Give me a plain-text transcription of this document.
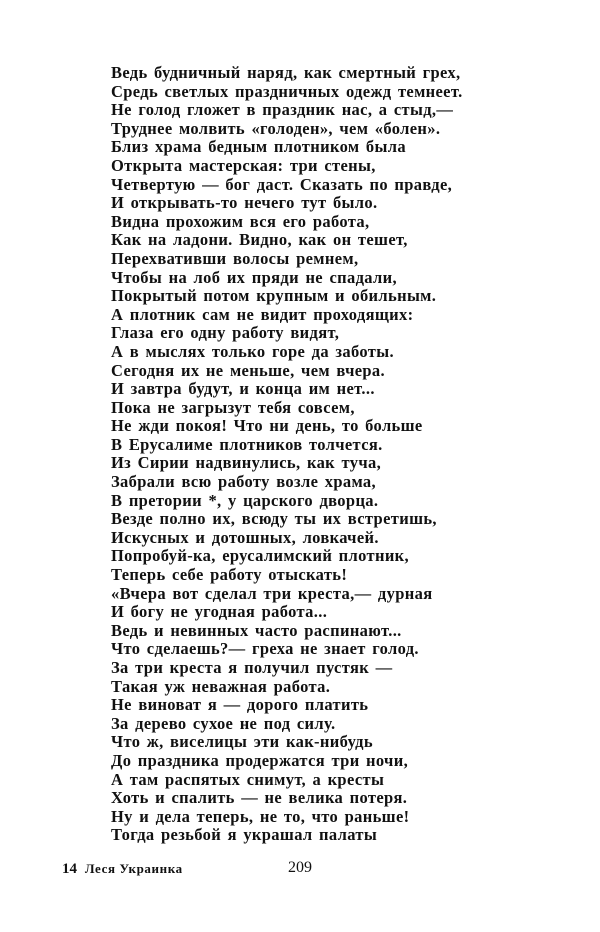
Ведь будничный наряд, как смертный грех,
Средь светлых праздничных одежд темнеет.
Не голод гложет в праздник нас, а стыд,—
Труднее молвить «голоден», чем «болен».
Близ храма бедным плотником была
Открыта мастерская: три стены,
Четвертую — бог даст. Сказать по правде,
И открывать-то нечего тут было.
Видна прохожим вся его работа,
Как на ладони. Видно, как он тешет,
Перехвативши волосы ремнем,
Чтобы на лоб их пряди не спадали,
Покрытый потом крупным и обильным.
А плотник сам не видит проходящих:
Глаза его одну работу видят,
А в мыслях только горе да заботы.
Сегодня их не меньше, чем вчера.
И завтра будут, и конца им нет...
Пока не загрызут тебя совсем,
Не жди покоя! Что ни день, то больше
В Ерусалиме плотников толчется.
Из Сирии надвинулись, как туча,
Забрали всю работу возле храма,
В претории *, у царского дворца.
Везде полно их, всюду ты их встретишь,
Искусных и дотошных, ловкачей.
Попробуй-ка, ерусалимский плотник,
Теперь себе работу отыскать!
«Вчера вот сделал три креста,— дурная
И богу не угодная работа...
Ведь и невинных часто распинают...
Что сделаешь?— греха не знает голод.
За три креста я получил пустяк —
Такая уж неважная работа.
Не виноват я — дорого платить
За дерево сухое не под силу.
Что ж, виселицы эти как-нибудь
До праздника продержатся три ночи,
А там распятых снимут, а кресты
Хоть и спалить — не велика потеря.
Ну и дела теперь, не то, что раньше!
Тогда резьбой я украшал палаты
14 Леся Украинка	209
